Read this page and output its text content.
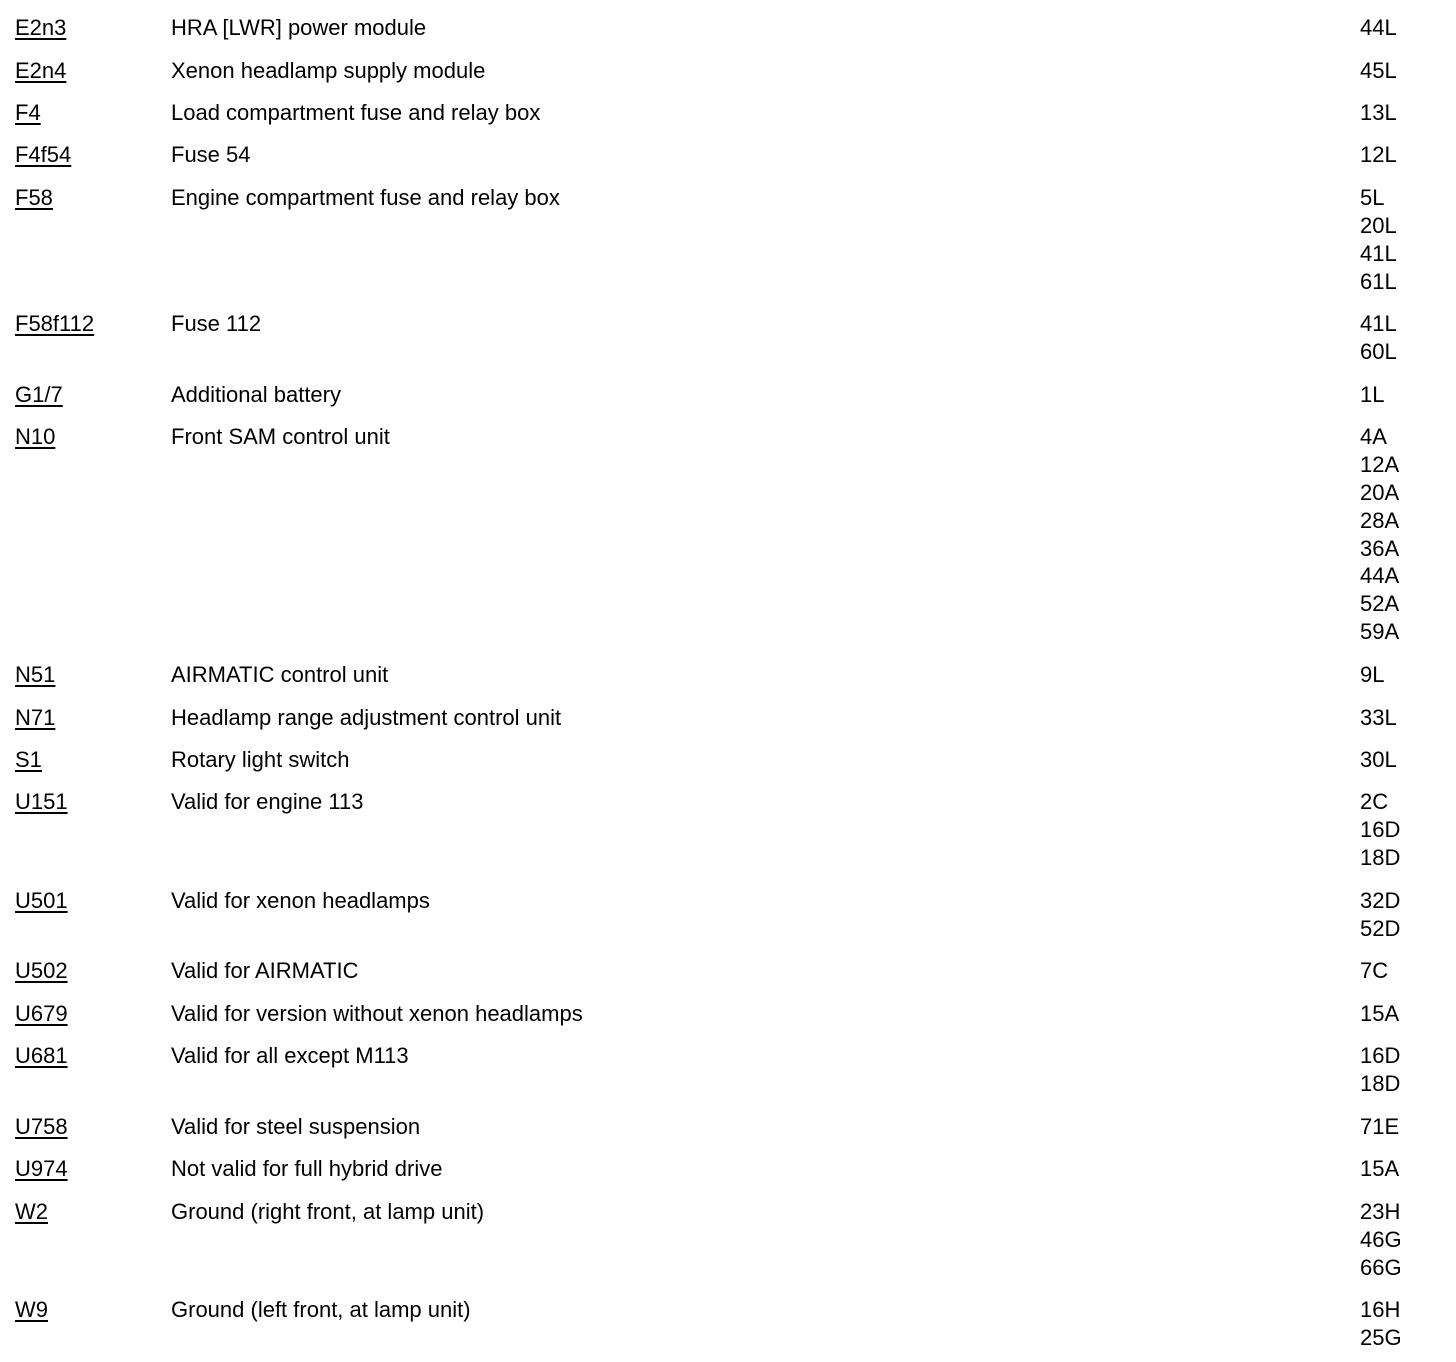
E2n3	HRA [LWR] power module	44L
E2n4	Xenon headlamp supply module	45L
F4	Load compartment fuse and relay box	13L
F4f54	Fuse 54	12L
F58	Engine compartment fuse and relay box	5L
20L
41L
61L
F58f112	Fuse 112	41L
60L
G1/7	Additional battery	1L
N10	Front SAM control unit	4A
12A
20A
28A
36A
44A
52A
59A
N51	AIRMATIC control unit	9L
N71	Headlamp range adjustment control unit	33L
S1	Rotary light switch	30L
U151	Valid for engine 113	2C
16D
18D
U501	Valid for xenon headlamps	32D
52D
U502	Valid for AIRMATIC	7C
U679	Valid for version without xenon headlamps	15A
U681	Valid for all except M113	16D
18D
U758	Valid for steel suspension	71E
U974	Not valid for full hybrid drive	15A
W2	Ground (right front, at lamp unit)	23H
46G
66G
W9	Ground (left front, at lamp unit)	16H
25G
